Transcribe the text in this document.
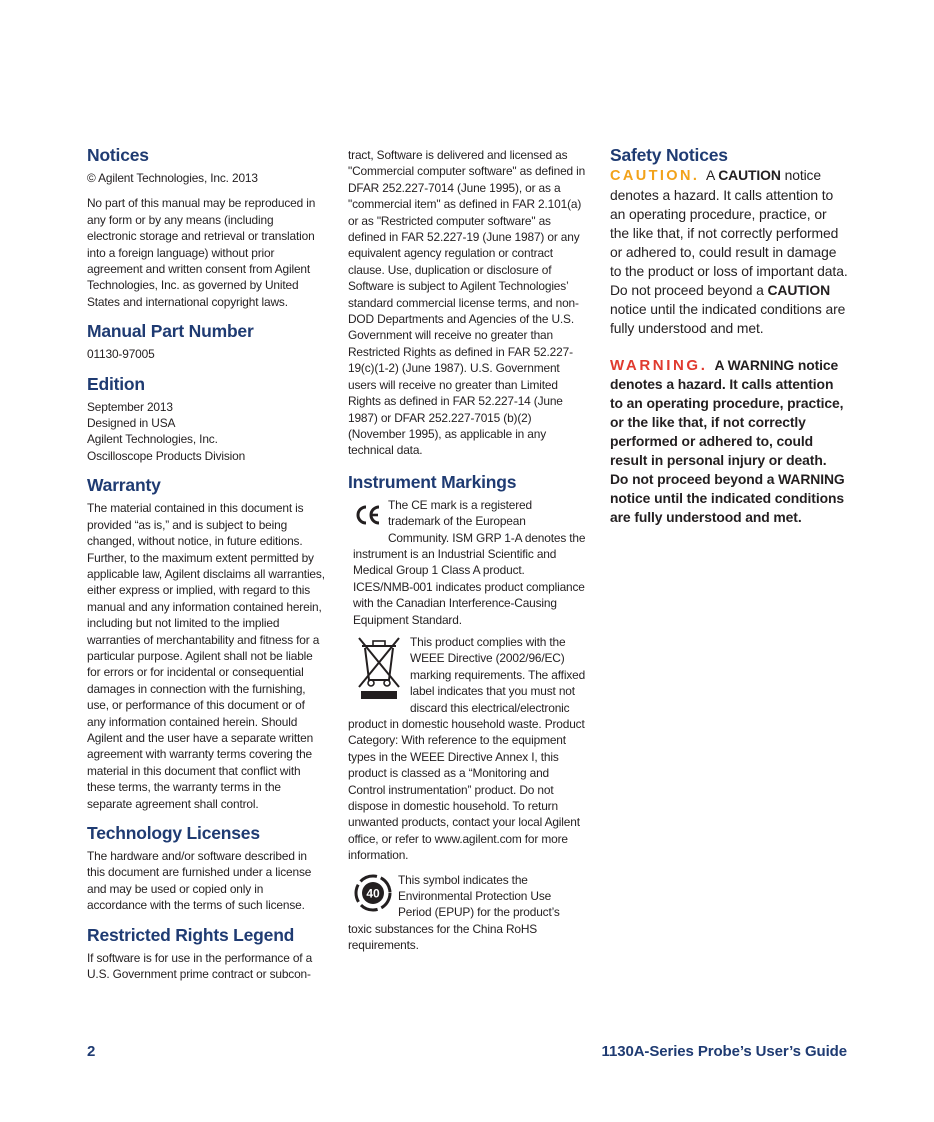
Notices

© Agilent Technologies, Inc. 2013

No part of this manual may be reproduced in any form or by any means (including electronic storage and retrieval or translation into a foreign language) without prior agreement and written consent from Agilent Technologies, Inc. as governed by United States and international copyright laws.

Manual Part Number

01130-97005

Edition

September 2013

Designed in USA

Agilent Technologies, Inc.

Oscilloscope Products Division

Warranty

The material contained in this document is provided “as is,” and is subject to being changed, without notice, in future editions. Further, to the maximum extent permitted by applicable law, Agilent disclaims all warranties, either express or implied, with regard to this manual and any information contained herein, including but not limited to the implied warranties of merchantability and fitness for a particular purpose. Agilent shall not be liable for errors or for incidental or consequential damages in connection with the furnishing, use, or performance of this document or of any information contained herein. Should Agilent and the user have a separate written agreement with warranty terms covering the material in this document that conflict with these terms, the warranty terms in the separate agreement shall control.

Technology Licenses

The hardware and/or software described in this document are furnished under a license and may be used or copied only in accordance with the terms of such license.

Restricted Rights Legend

If software is for use in the performance of a U.S. Government prime contract or subcon-

tract, Software is delivered and licensed as "Commercial computer software" as defined in DFAR 252.227-7014 (June 1995), or as a "commercial item" as defined in FAR 2.101(a) or as "Restricted computer software" as defined in FAR 52.227-19 (June 1987) or any equivalent agency regulation or contract clause. Use, duplication or disclosure of Software is subject to Agilent Technologies’ standard commercial license terms, and non-DOD Departments and Agencies of the U.S. Government will receive no greater than Restricted Rights as defined in FAR 52.227-19(c)(1-2) (June 1987). U.S. Government users will receive no greater than Limited Rights as defined in FAR 52.227-14 (June 1987) or DFAR 252.227-7015 (b)(2) (November 1995), as applicable in any technical data.

Instrument Markings

The CE mark is a registered trademark of the European Community. ISM GRP 1-A denotes the instrument is an Industrial Scientific and Medical Group 1 Class A product. ICES/NMB-001 indicates product compliance with the Canadian Interference-Causing Equipment Standard.

This product complies with the WEEE Directive (2002/96/EC) marking requirements. The affixed label indicates that you must not discard this electrical/electronic product in domestic household waste. Product Category: With reference to the equipment types in the WEEE Directive Annex I, this product is classed as a “Monitoring and Control instrumentation” product. Do not dispose in domestic household. To return unwanted products, contact your local Agilent office, or refer to www.agilent.com for more information.

40

This symbol indicates the Environmental Protection Use Period (EPUP) for the product’s toxic substances for the China RoHS requirements.

Safety Notices

CAUTION. A CAUTION notice denotes a hazard. It calls attention to an operating procedure, practice, or the like that, if not correctly performed or adhered to, could result in damage to the product or loss of important data. Do not proceed beyond a CAUTION notice until the indicated conditions are fully understood and met.

WARNING. A WARNING notice denotes a hazard. It calls attention to an operating procedure, practice, or the like that, if not correctly performed or adhered to, could result in personal injury or death. Do not proceed beyond a WARNING notice until the indicated conditions are fully understood and met.

2	1130A-Series Probe’s User’s Guide
